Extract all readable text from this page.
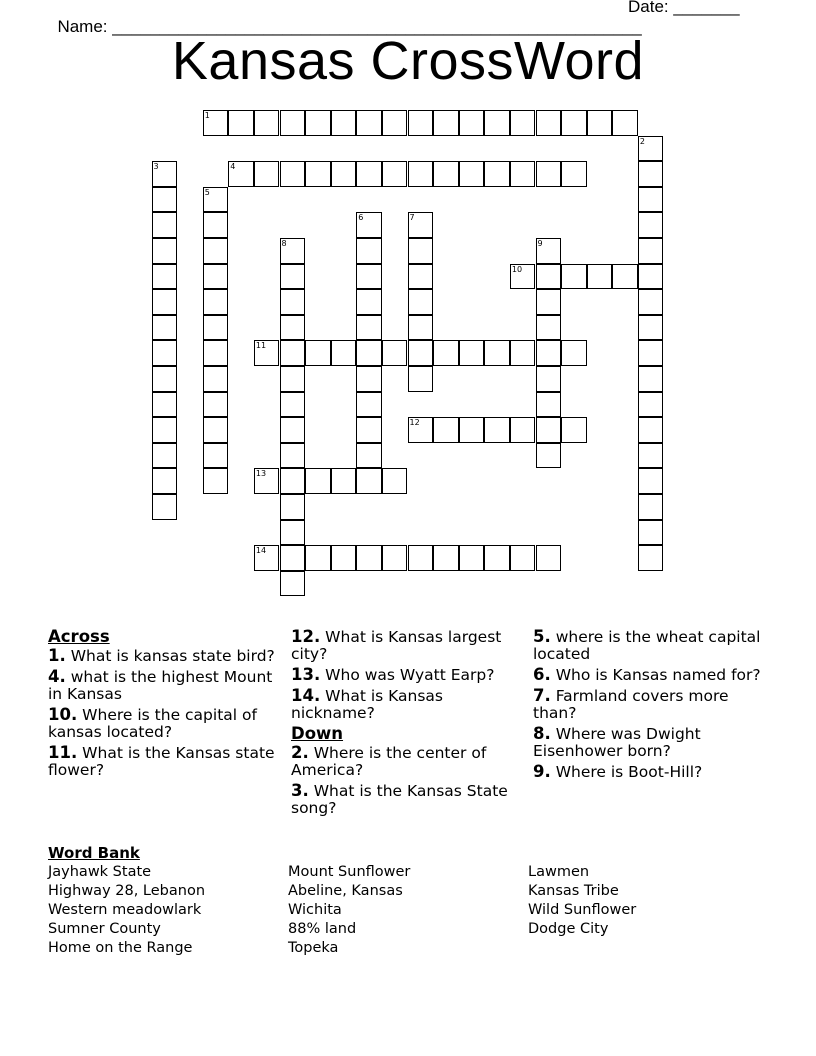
Name: ________________________________________________________

Date: _______

Kansas CrossWord
1
2
3	4
5
6	7
8	9
10
11
12
13
14
Across
1. What is kansas state bird?
4. what is the highest Mount in Kansas
10. Where is the capital of kansas located?
11. What is the Kansas state flower?
12. What is Kansas largest city?
13. Who was Wyatt Earp?
14. What is Kansas nickname?
Down
2. Where is the center of America?
3. What is the Kansas State song?
5. where is the wheat capital located
6. Who is Kansas named for?
7. Farmland covers more than?
8. Where was Dwight Eisenhower born?
9. Where is Boot-Hill?
Word Bank
Jayhawk State
Highway 28, Lebanon
Western meadowlark
Sumner County
Home on the Range
Mount Sunflower
Abeline, Kansas
Wichita
88% land
Topeka
Lawmen
Kansas Tribe
Wild Sunflower
Dodge City
